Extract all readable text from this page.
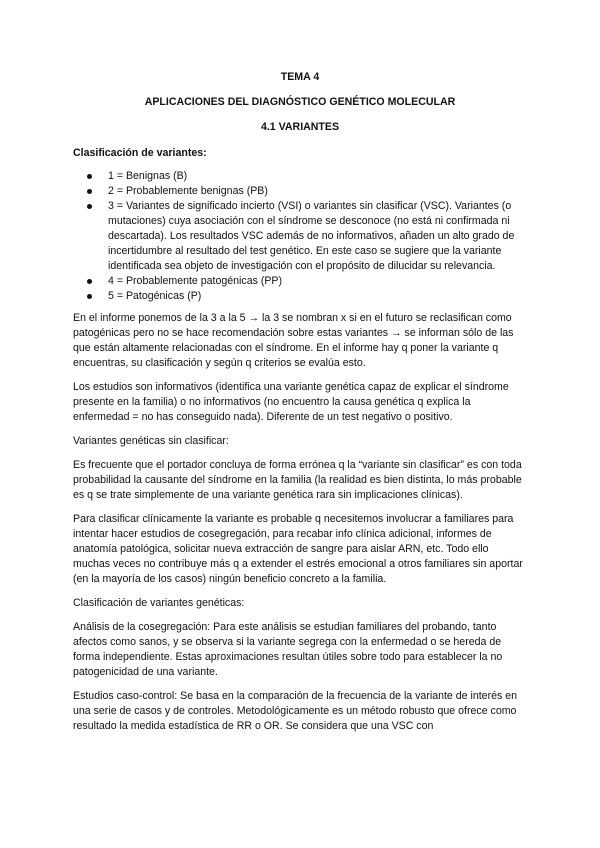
TEMA 4

APLICACIONES DEL DIAGNÓSTICO GENÉTICO MOLECULAR

4.1 VARIANTES

Clasificación de variantes:

1 = Benignas (B)
2 = Probablemente benignas (PB)
3 = Variantes de significado incierto (VSI) o variantes sin clasificar (VSC). Variantes (o mutaciones) cuya asociación con el síndrome se desconoce (no está ni confirmada ni descartada). Los resultados VSC además de no informativos, añaden un alto grado de incertidumbre al resultado del test genético. En este caso se sugiere que la variante identificada sea objeto de investigación con el propósito de dilucidar su relevancia.
4 = Probablemente patogénicas (PP)
5 = Patogénicas (P)

En el informe ponemos de la 3 a la 5 → la 3 se nombran x si en el futuro se reclasifican como patogénicas pero no se hace recomendación sobre estas variantes → se informan sólo de las que están altamente relacionadas con el síndrome. En el informe hay q poner la variante q encuentras, su clasificación y según q criterios se evalúa esto.

Los estudios son informativos (identifica una variante genética capaz de explicar el síndrome presente en la familia) o no informativos (no encuentro la causa genética q explica la enfermedad = no has conseguido nada). Diferente de un test negativo o positivo.

Variantes genéticas sin clasificar:

Es frecuente que el portador concluya de forma errónea q la “variante sin clasificar” es con toda probabilidad la causante del síndrome en la familia (la realidad es bien distinta, lo más probable es q se trate simplemente de una variante genética rara sin implicaciones clínicas).

Para clasificar clínicamente la variante es probable q necesitemos involucrar a familiares para intentar hacer estudios de cosegregación, para recabar info clínica adicional, informes de anatomía patológica, solicitar nueva extracción de sangre para aislar ARN, etc. Todo ello muchas veces no contribuye más q a extender el estrés emocional a otros familiares sin aportar (en la mayoría de los casos) ningún beneficio concreto a la familia.

Clasificación de variantes genéticas:

Análisis de la cosegregación: Para este análisis se estudian familiares del probando, tanto afectos como sanos, y se observa si la variante segrega con la enfermedad o se hereda de forma independiente. Estas aproximaciones resultan útiles sobre todo para establecer la no patogenicidad de una variante.

Estudios caso-control: Se basa en la comparación de la frecuencia de la variante de interés en una serie de casos y de controles. Metodológicamente es un método robusto que ofrece como resultado la medida estadística de RR o OR. Se considera que una VSC con
